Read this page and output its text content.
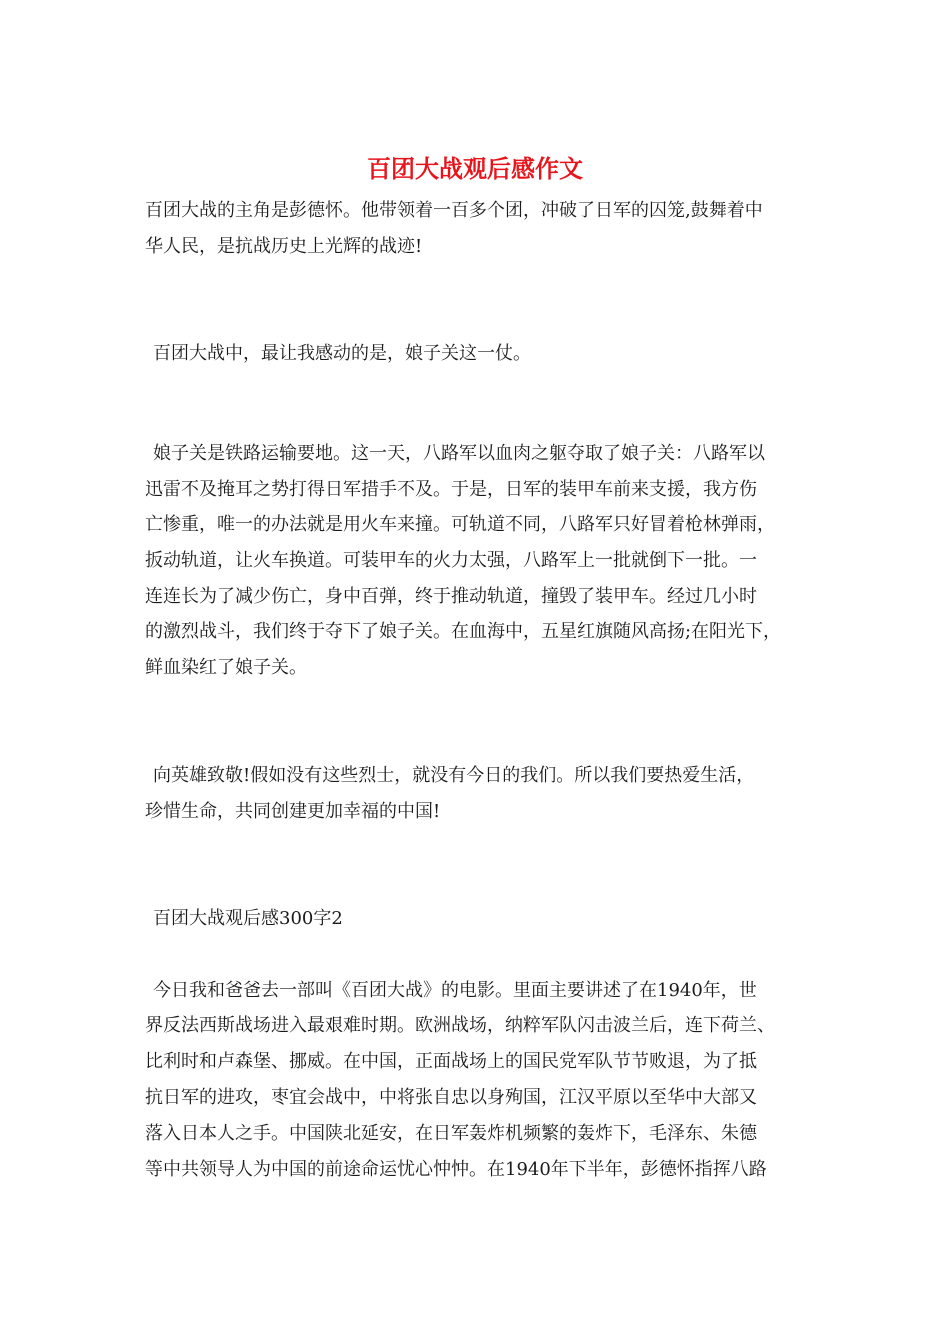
百团大战观后感作文
百团大战的主角是彭德怀。他带领着一百多个团，冲破了日军的囚笼,鼓舞着中
华人民，是抗战历史上光辉的战迹!
百团大战中，最让我感动的是，娘子关这一仗。
娘子关是铁路运输要地。这一天，八路军以血肉之躯夺取了娘子关：八路军以
迅雷不及掩耳之势打得日军措手不及。于是，日军的装甲车前来支援，我方伤
亡惨重，唯一的办法就是用火车来撞。可轨道不同，八路军只好冒着枪林弹雨，
扳动轨道，让火车换道。可装甲车的火力太强，八路军上一批就倒下一批。一
连连长为了减少伤亡，身中百弹，终于推动轨道，撞毁了装甲车。经过几小时
的激烈战斗，我们终于夺下了娘子关。在血海中，五星红旗随风高扬;在阳光下，
鲜血染红了娘子关。
向英雄致敬!假如没有这些烈士，就没有今日的我们。所以我们要热爱生活，
珍惜生命，共同创建更加幸福的中国!
百团大战观后感300字2
今日我和爸爸去一部叫《百团大战》的电影。里面主要讲述了在1940年，世
界反法西斯战场进入最艰难时期。欧洲战场，纳粹军队闪击波兰后，连下荷兰、
比利时和卢森堡、挪威。在中国，正面战场上的国民党军队节节败退，为了抵
抗日军的进攻，枣宜会战中，中将张自忠以身殉国，江汉平原以至华中大部又
落入日本人之手。中国陕北延安，在日军轰炸机频繁的轰炸下，毛泽东、朱德
等中共领导人为中国的前途命运忧心忡忡。在1940年下半年，彭德怀指挥八路
